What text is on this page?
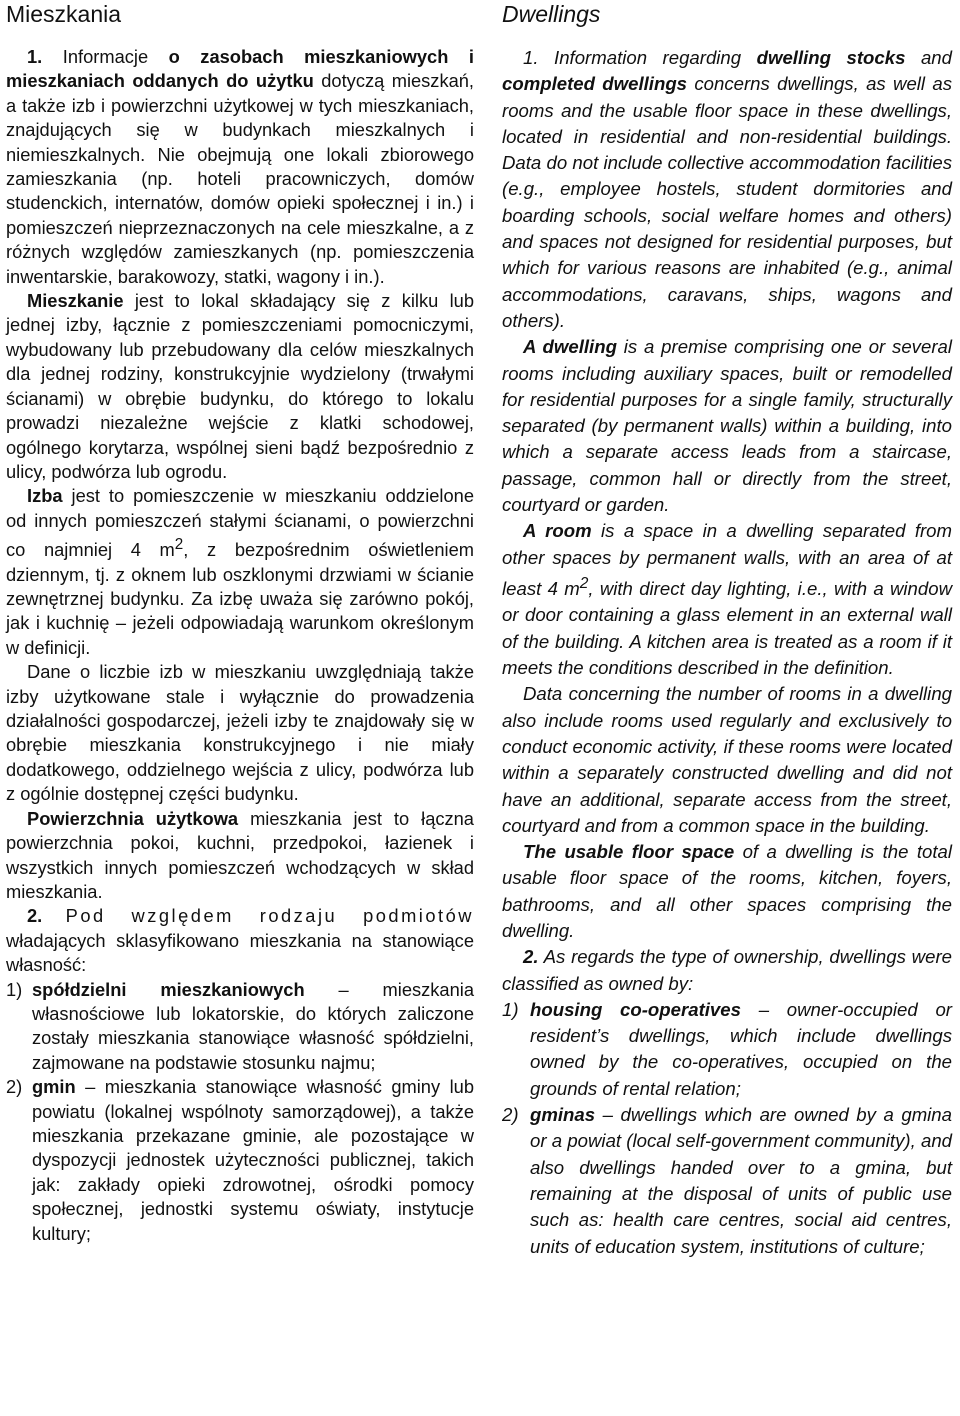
Mieszkania

1. Informacje o zasobach mieszkaniowych i mieszkaniach oddanych do użytku dotyczą mieszkań, a także izb i powierzchni użytkowej w tych mieszkaniach, znajdujących się w budynkach mieszkalnych i niemieszkalnych. Nie obejmują one lokali zbiorowego zamieszkania (np. hoteli pracowniczych, domów studenckich, internatów, domów opieki społecznej i in.) i pomieszczeń nieprzeznaczonych na cele mieszkalne, a z różnych względów zamieszkanych (np. pomieszczenia inwentarskie, barakowozy, statki, wagony i in.).

Mieszkanie jest to lokal składający się z kilku lub jednej izby, łącznie z pomieszczeniami pomocniczymi, wybudowany lub przebudowany dla celów mieszkalnych dla jednej rodziny, konstrukcyjnie wydzielony (trwałymi ścianami) w obrębie budynku, do którego to lokalu prowadzi niezależne wejście z klatki schodowej, ogólnego korytarza, wspólnej sieni bądź bezpośrednio z ulicy, podwórza lub ogrodu.

Izba jest to pomieszczenie w mieszkaniu oddzielone od innych pomieszczeń stałymi ścianami, o powierzchni co najmniej 4 $m^2$, z bezpośrednim oświetleniem dziennym, tj. z oknem lub oszklonymi drzwiami w ścianie zewnętrznej budynku. Za izbę uważa się zarówno pokój, jak i kuchnię – jeżeli odpowiadają warunkom określonym w definicji.

Dane o liczbie izb w mieszkaniu uwzględniają także izby użytkowane stale i wyłącznie do prowadzenia działalności gospodarczej, jeżeli izby te znajdowały się w obrębie mieszkania konstrukcyjnego i nie miały dodatkowego, oddzielnego wejścia z ulicy, podwórza lub z ogólnie dostępnej części budynku.

Powierzchnia użytkowa mieszkania jest to łączna powierzchnia pokoi, kuchni, przedpokoi, łazienek i wszystkich innych pomieszczeń wchodzących w skład mieszkania.

2. Pod względem rodzaju podmiotów władających sklasyfikowano mieszkania na stanowiące własność:

1) spółdzielni mieszkaniowych – mieszkania własnościowe lub lokatorskie, do których zaliczone zostały mieszkania stanowiące własność spółdzielni, zajmowane na podstawie stosunku najmu;
2) gmin – mieszkania stanowiące własność gminy lub powiatu (lokalnej wspólnoty samorządowej), a także mieszkania przekazane gminie, ale pozostające w dyspozycji jednostek użyteczności publicznej, takich jak: zakłady opieki zdrowotnej, ośrodki pomocy społecznej, jednostki systemu oświaty, instytucje kultury;
Dwellings

1. Information regarding dwelling stocks and completed dwellings concerns dwellings, as well as rooms and the usable floor space in these dwellings, located in residential and non-residential buildings. Data do not include collective accommodation facilities (e.g., employee hostels, student dormitories and boarding schools, social welfare homes and others) and spaces not designed for residential purposes, but which for various reasons are inhabited (e.g., animal accommodations, caravans, ships, wagons and others).

A dwelling is a premise comprising one or several rooms including auxiliary spaces, built or remodelled for residential purposes for a single family, structurally separated (by permanent walls) within a building, into which a separate access leads from a staircase, passage, common hall or directly from the street, courtyard or garden.

A room is a space in a dwelling separated from other spaces by permanent walls, with an area of at least 4 $m^2$, with direct day lighting, i.e., with a window or door containing a glass element in an external wall of the building. A kitchen area is treated as a room if it meets the conditions described in the definition.

Data concerning the number of rooms in a dwelling also include rooms used regularly and exclusively to conduct economic activity, if these rooms were located within a separately constructed dwelling and did not have an additional, separate access from the street, courtyard and from a common space in the building.

The usable floor space of a dwelling is the total usable floor space of the rooms, kitchen, foyers, bathrooms, and all other spaces comprising the dwelling.

2. As regards the type of ownership, dwellings were classified as owned by:

1) housing co-operatives – owner-occupied or resident’s dwellings, which include dwellings owned by the co-operatives, occupied on the grounds of rental relation;
2) gminas – dwellings which are owned by a gmina or a powiat (local self-government community), and also dwellings handed over to a gmina, but remaining at the disposal of units of public use such as: health care centres, social aid centres, units of education system, institutions of culture;
